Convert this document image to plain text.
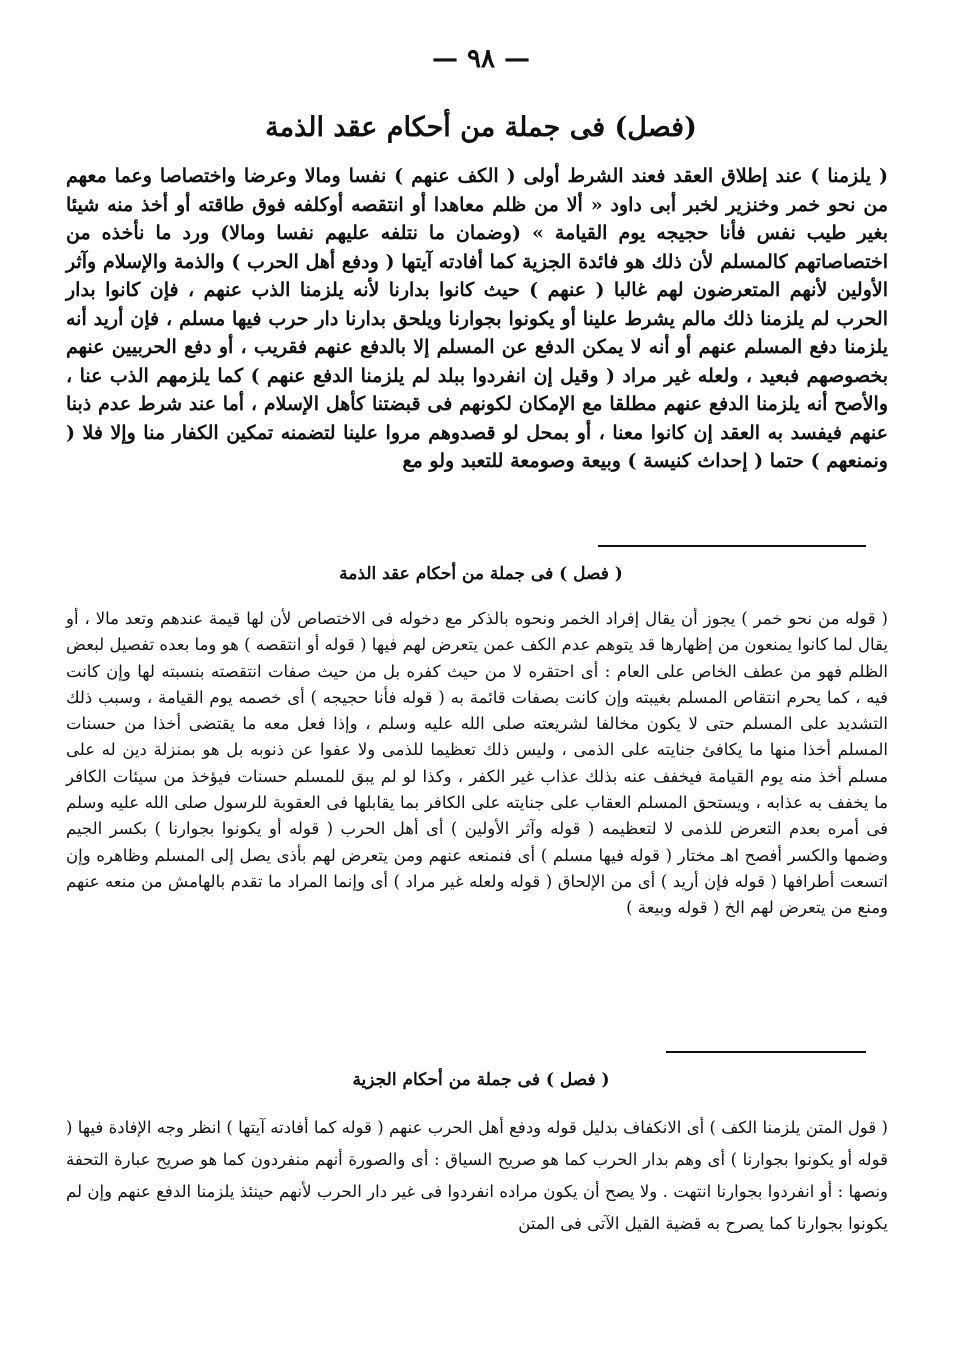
— ٩٨ —
(فصل) فى جملة من أحكام عقد الذمة

( يلزمنا ) عند إطلاق العقد فعند الشرط أولى ( الكف عنهم ) نفسا ومالا وعرضا واختصاصا وعما معهم من نحو خمر وخنزير لخبر أبى داود « ألا من ظلم معاهدا أو انتقصه أوكلفه فوق طاقته أو أخذ منه شيئا بغير طيب نفس فأنا حجيجه يوم القيامة » (وضمان ما نتلفه عليهم نفسا ومالا) ورد ما نأخذه من اختصاصاتهم كالمسلم لأن ذلك هو فائدة الجزية كما أفادته آيتها ( ودفع أهل الحرب ) والذمة والإسلام وآثر الأولين لأنهم المتعرضون لهم غالبا ( عنهم ) حيث كانوا بدارنا لأنه يلزمنا الذب عنهم ، فإن كانوا بدار الحرب لم يلزمنا ذلك مالم يشرط علينا أو يكونوا بجوارنا ويلحق بدارنا دار حرب فيها مسلم ، فإن أريد أنه يلزمنا دفع المسلم عنهم أو أنه لا يمكن الدفع عن المسلم إلا بالدفع عنهم فقريب ، أو دفع الحربيين عنهم بخصوصهم فبعيد ، ولعله غير مراد ( وقيل إن انفردوا ببلد لم يلزمنا الدفع عنهم ) كما يلزمهم الذب عنا ، والأصح أنه يلزمنا الدفع عنهم مطلقا مع الإمكان لكونهم فى قبضتنا كأهل الإسلام ، أما عند شرط عدم ذبنا عنهم فيفسد به العقد إن كانوا معنا ، أو بمحل لو قصدوهم مروا علينا لتضمنه تمكين الكفار منا وإلا فلا ( ونمنعهم ) حتما ( إحداث كنيسة ) وبيعة وصومعة للتعبد ولو مع

( فصل ) فى جملة من أحكام عقد الذمة

( قوله من نحو خمر ) يجوز أن يقال إفراد الخمر ونحوه بالذكر مع دخوله فى الاختصاص لأن لها قيمة عندهم وتعد مالا ، أو يقال لما كانوا يمنعون من إظهارها قد يتوهم عدم الكف عمن يتعرض لهم فيها ( قوله أو انتقصه ) هو وما بعده تفصيل لبعض الظلم فهو من عطف الخاص على العام : أى احتقره لا من حيث كفره بل من حيث صفات انتقصته بنسبته لها وإن كانت فيه ، كما يحرم انتقاص المسلم بغيبته وإن كانت بصفات قائمة به ( قوله فأنا حجيجه ) أى خصمه يوم القيامة ، وسبب ذلك التشديد على المسلم حتى لا يكون مخالفا لشريعته صلى الله عليه وسلم ، وإذا فعل معه ما يقتضى أخذا من حسنات المسلم أخذا منها ما يكافئ جنايته على الذمى ، وليس ذلك تعظيما للذمى ولا عفوا عن ذنوبه بل هو بمنزلة دين له على مسلم أخذ منه يوم القيامة فيخفف عنه بذلك عذاب غير الكفر ، وكذا لو لم يبق للمسلم حسنات فيؤخذ من سيئات الكافر ما يخفف به عذابه ، ويستحق المسلم العقاب على جنايته على الكافر بما يقابلها فى العقوبة للرسول صلى الله عليه وسلم فى أمره بعدم التعرض للذمى لا لتعظيمه ( قوله وآثر الأولين ) أى أهل الحرب ( قوله أو يكونوا بجوارنا ) بكسر الجيم وضمها والكسر أفصح اهـ مختار ( قوله فيها مسلم ) أى فنمنعه عنهم ومن يتعرض لهم بأذى يصل إلى المسلم وظاهره وإن اتسعت أطرافها ( قوله فإن أريد ) أى من الإلحاق ( قوله ولعله غير مراد ) أى وإنما المراد ما تقدم بالهامش من منعه عنهم ومنع من يتعرض لهم الخ ( قوله وبيعة )

( فصل ) فى جملة من أحكام الجزية

( قول المتن يلزمنا الكف ) أى الانكفاف بدليل قوله ودفع أهل الحرب عنهم ( قوله كما أفادته آيتها ) انظر وجه الإفادة فيها ( قوله أو يكونوا بجوارنا ) أى وهم بدار الحرب كما هو صريح السياق : أى والصورة أنهم منفردون كما هو صريح عبارة التحفة ونصها : أو انفردوا بجوارنا انتهت . ولا يصح أن يكون مراده انفردوا فى غير دار الحرب لأنهم حينئذ يلزمنا الدفع عنهم وإن لم يكونوا بجوارنا كما يصرح به قضية القيل الآتى فى المتن
